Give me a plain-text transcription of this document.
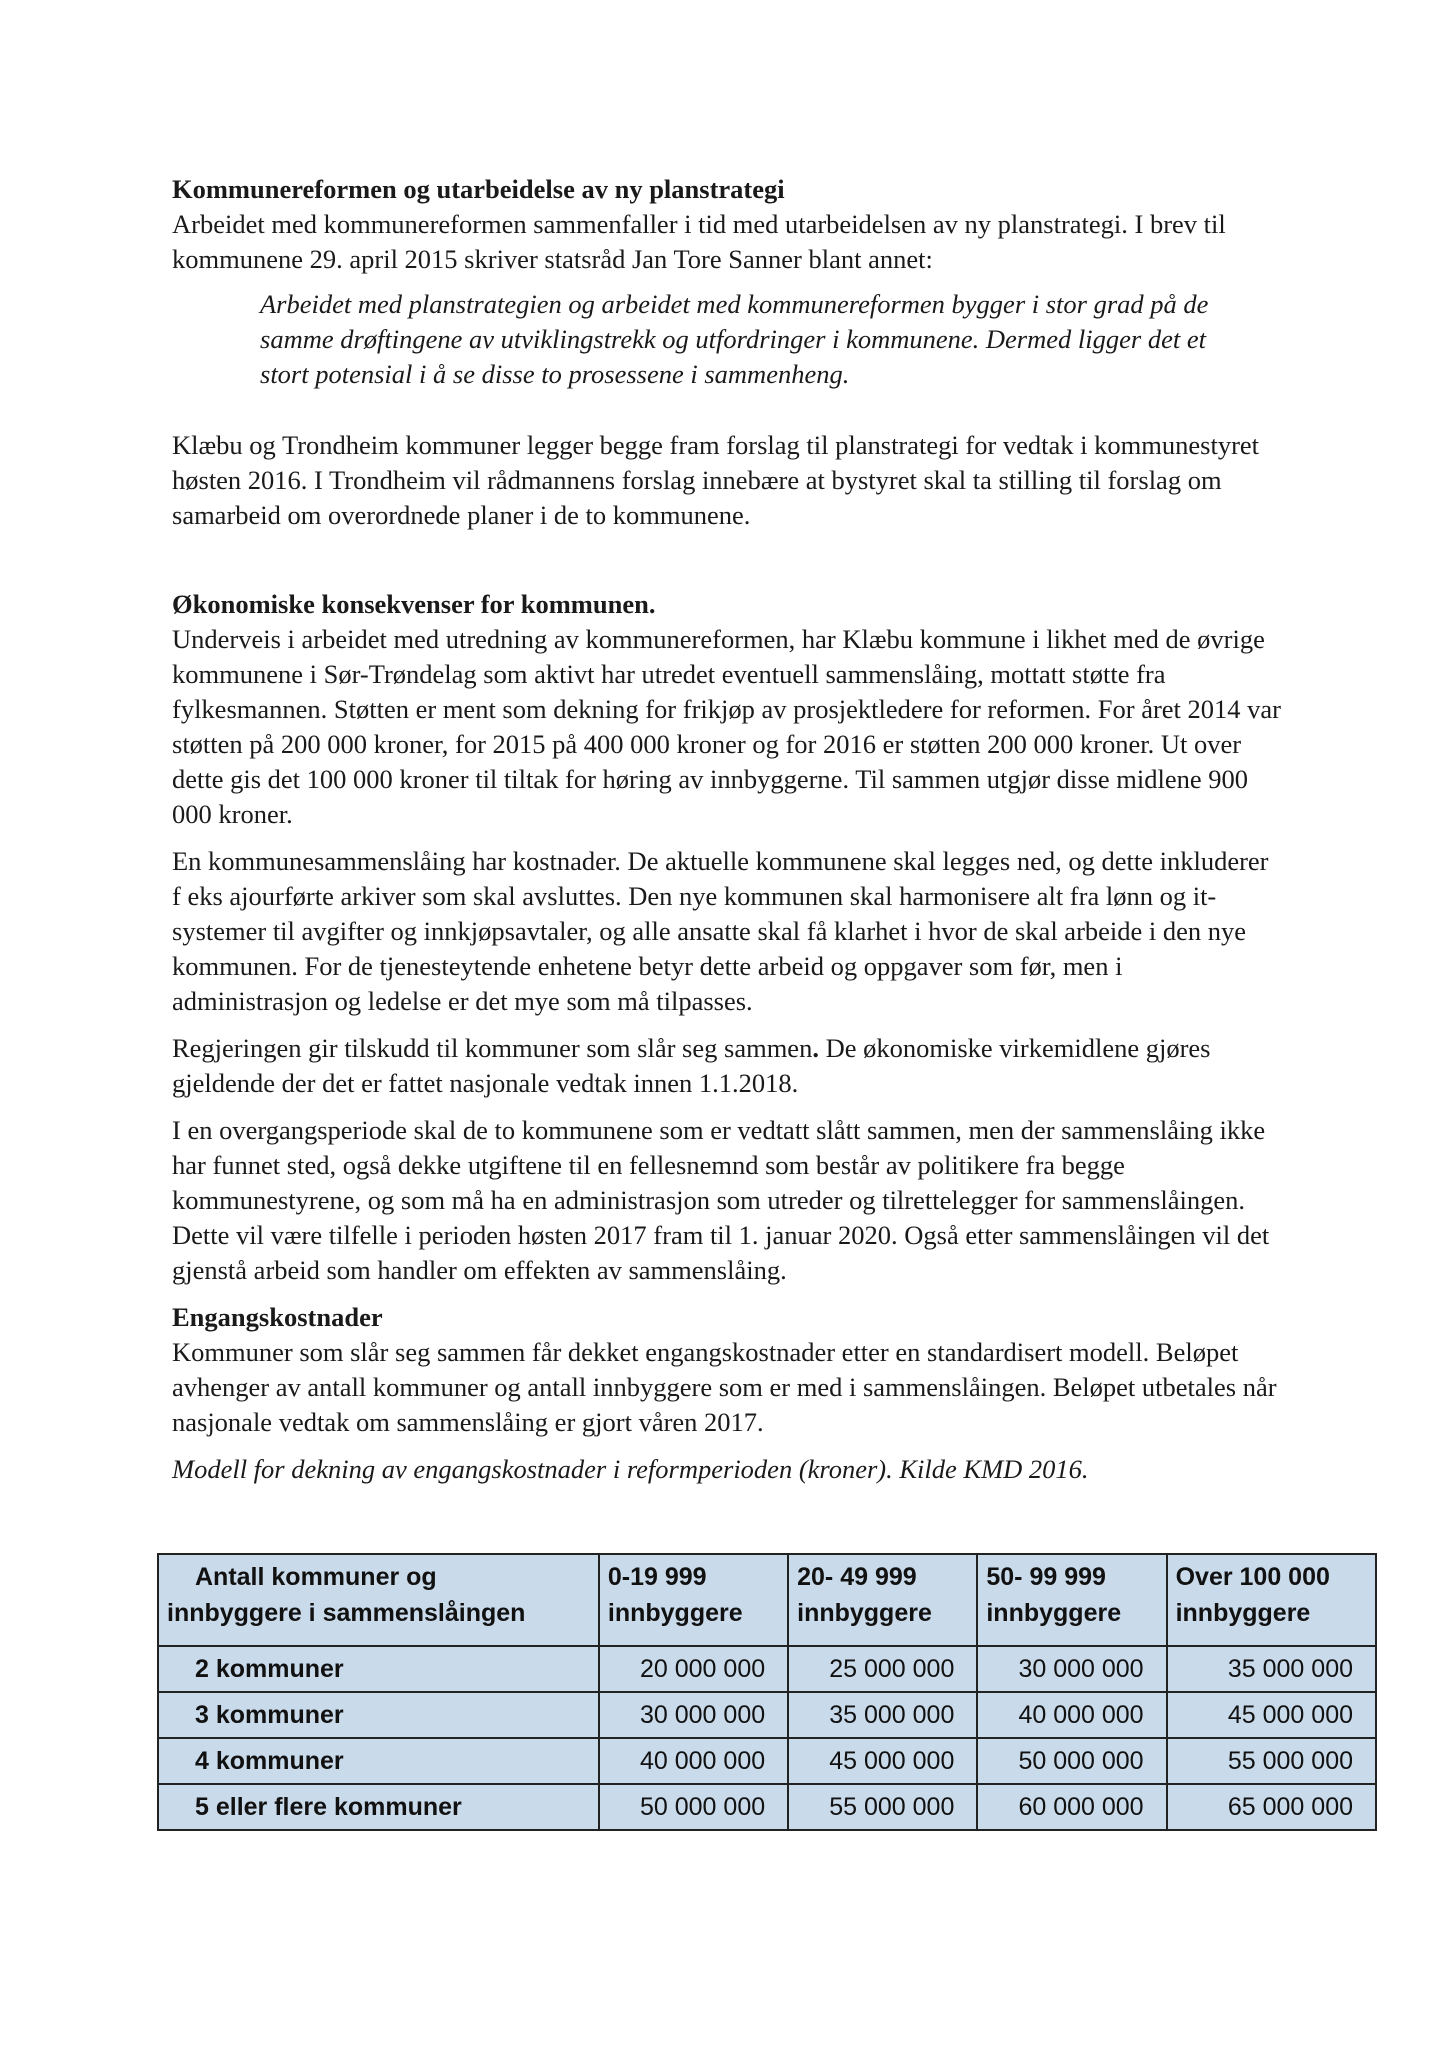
Kommunereformen og utarbeidelse av ny planstrategi

Arbeidet med kommunereformen sammenfaller i tid med utarbeidelsen av ny planstrategi. I brev til kommunene 29. april 2015 skriver statsråd Jan Tore Sanner blant annet:

Arbeidet med planstrategien og arbeidet med kommunereformen bygger i stor grad på de samme drøftingene av utviklingstrekk og utfordringer i kommunene. Dermed ligger det et stort potensial i å se disse to prosessene i sammenheng.

Klæbu og Trondheim kommuner legger begge fram forslag til planstrategi for vedtak i kommunestyret høsten 2016. I Trondheim vil rådmannens forslag innebære at bystyret skal ta stilling til forslag om samarbeid om overordnede planer i de to kommunene.

Økonomiske konsekvenser for kommunen.

Underveis i arbeidet med utredning av kommunereformen, har Klæbu kommune i likhet med de øvrige kommunene i Sør-Trøndelag som aktivt har utredet eventuell sammenslåing, mottatt støtte fra fylkesmannen. Støtten er ment som dekning for frikjøp av prosjektledere for reformen. For året 2014 var støtten på 200 000 kroner, for 2015 på 400 000 kroner og for 2016 er støtten 200 000 kroner. Ut over dette gis det 100 000 kroner til tiltak for høring av innbyggerne. Til sammen utgjør disse midlene 900 000 kroner.

En kommunesammenslåing har kostnader. De aktuelle kommunene skal legges ned, og dette inkluderer f eks ajourførte arkiver som skal avsluttes. Den nye kommunen skal harmonisere alt fra lønn og it-systemer til avgifter og innkjøpsavtaler, og alle ansatte skal få klarhet i hvor de skal arbeide i den nye kommunen. For de tjenesteytende enhetene betyr dette arbeid og oppgaver som før, men i administrasjon og ledelse er det mye som må tilpasses.

Regjeringen gir tilskudd til kommuner som slår seg sammen. De økonomiske virkemidlene gjøres gjeldende der det er fattet nasjonale vedtak innen 1.1.2018.

I en overgangsperiode skal de to kommunene som er vedtatt slått sammen, men der sammenslåing ikke har funnet sted, også dekke utgiftene til en fellesnemnd som består av politikere fra begge kommunestyrene, og som må ha en administrasjon som utreder og tilrettelegger for sammenslåingen. Dette vil være tilfelle i perioden høsten 2017 fram til 1. januar 2020. Også etter sammenslåingen vil det gjenstå arbeid som handler om effekten av sammenslåing.

Engangskostnader

Kommuner som slår seg sammen får dekket engangskostnader etter en standardisert modell. Beløpet avhenger av antall kommuner og antall innbyggere som er med i sammenslåingen. Beløpet utbetales når nasjonale vedtak om sammenslåing er gjort våren 2017.

Modell for dekning av engangskostnader i reformperioden (kroner). Kilde KMD 2016.

Antall kommuner og
innbyggere i sammenslåingen	0-19 999 innbyggere	20- 49 999 innbyggere	50- 99 999 innbyggere	Over 100 000 innbyggere
2 kommuner	20 000 000	25 000 000	30 000 000	35 000 000
3 kommuner	30 000 000	35 000 000	40 000 000	45 000 000
4 kommuner	40 000 000	45 000 000	50 000 000	55 000 000
5 eller flere kommuner	50 000 000	55 000 000	60 000 000	65 000 000
